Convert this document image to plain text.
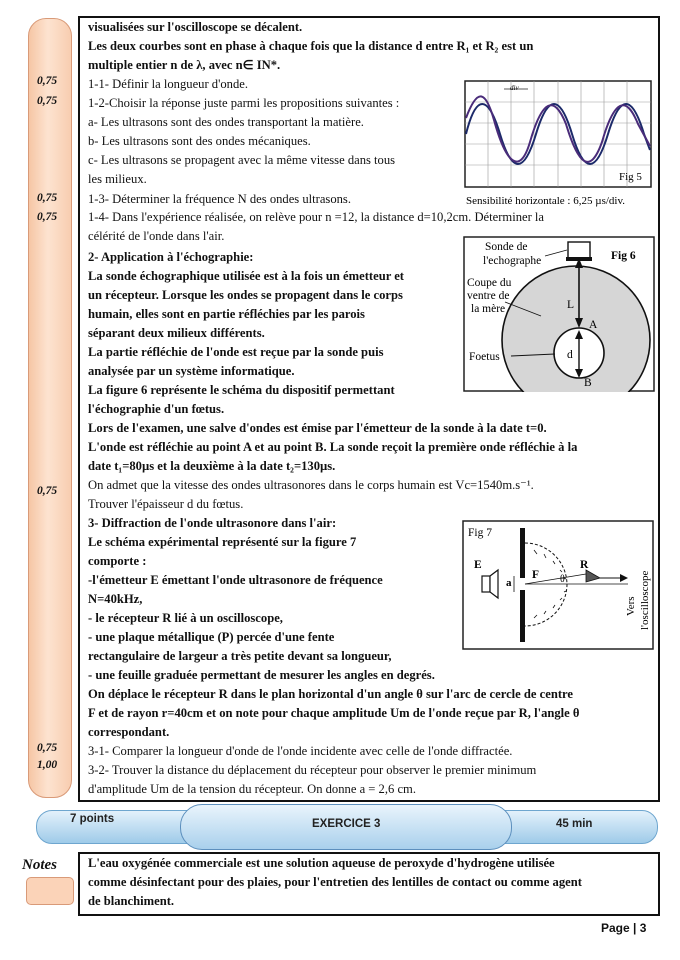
0,75
0,75
0,75
0,75
0,75
0,75
1,00
visualisées sur l'oscilloscope se décalent.
Les deux courbes sont en phase à chaque fois que la distance d entre R₁ et R₂ est un
multiple entier n de λ, avec n∈ IN*.
1-1- Définir la longueur d'onde.
1-2-Choisir la réponse juste parmi les propositions suivantes :
a- Les ultrasons sont des ondes transportant la matière.
b- Les ultrasons sont des ondes mécaniques.
c- Les ultrasons se propagent avec la même vitesse dans tous
les milieux.
1-3- Déterminer la fréquence N des ondes ultrasons.
1-4- Dans l'expérience réalisée, on relève pour n =12, la distance d=10,2cm. Déterminer la
célérité de l'onde dans l'air.
2- Application à l'échographie:
La sonde échographique utilisée est à la fois un émetteur et
un récepteur. Lorsque les ondes se propagent dans le corps
humain, elles sont en partie réfléchies par les parois
séparant deux milieux différents.
La partie réfléchie de l'onde est reçue par la sonde puis
analysée par un système informatique.
La figure 6 représente le schéma du dispositif permettant
l'échographie d'un fœtus.
Lors de l'examen, une salve d'ondes est émise par l'émetteur de la sonde à la date t=0.
L'onde est réfléchie au point A et au point B. La sonde reçoit la première onde réfléchie à la
date t₁=80µs et la deuxième à la date t₂=130µs.
On admet que la vitesse des ondes ultrasonores dans le corps humain est Vc=1540m.s⁻¹.
Trouver l'épaisseur d du fœtus.
3- Diffraction de l'onde ultrasonore dans l'air:
Le schéma expérimental représenté sur la figure 7
comporte :
-l'émetteur E émettant l'onde ultrasonore de fréquence
N=40kHz,
- le récepteur R lié à un oscilloscope,
- une plaque métallique (P) percée d'une fente
rectangulaire de largeur a très petite devant sa longueur,
- une feuille graduée permettant de mesurer les angles en degrés.
On déplace le récepteur R dans le plan horizontal d'un angle θ sur l'arc de cercle de centre
F et de rayon r=40cm et on note pour chaque amplitude Um de l'onde reçue par R, l'angle θ
correspondant.
3-1- Comparer la longueur d'onde de l'onde incidente avec celle de l'onde diffractée.
3-2- Trouver la distance du déplacement du récepteur pour observer le premier minimum
d'amplitude Um de la tension du récepteur. On donne a = 2,6 cm.
div
Fig 5
Sensibilité horizontale : 6,25 µs/div.
Sonde de
l'echographe	Fig 6
Coupe du
ventre de
la mère
Foetus
L
A
d
B
Fig 7
E
a
F
R
θ
Vers l'oscilloscope
7 points	EXERCICE 3	45 min
Notes L'eau oxygénée commerciale est une solution aqueuse de peroxyde d'hydrogène utilisée
comme désinfectant pour des plaies, pour l'entretien des lentilles de contact ou comme agent
de blanchiment.
Page | 3
